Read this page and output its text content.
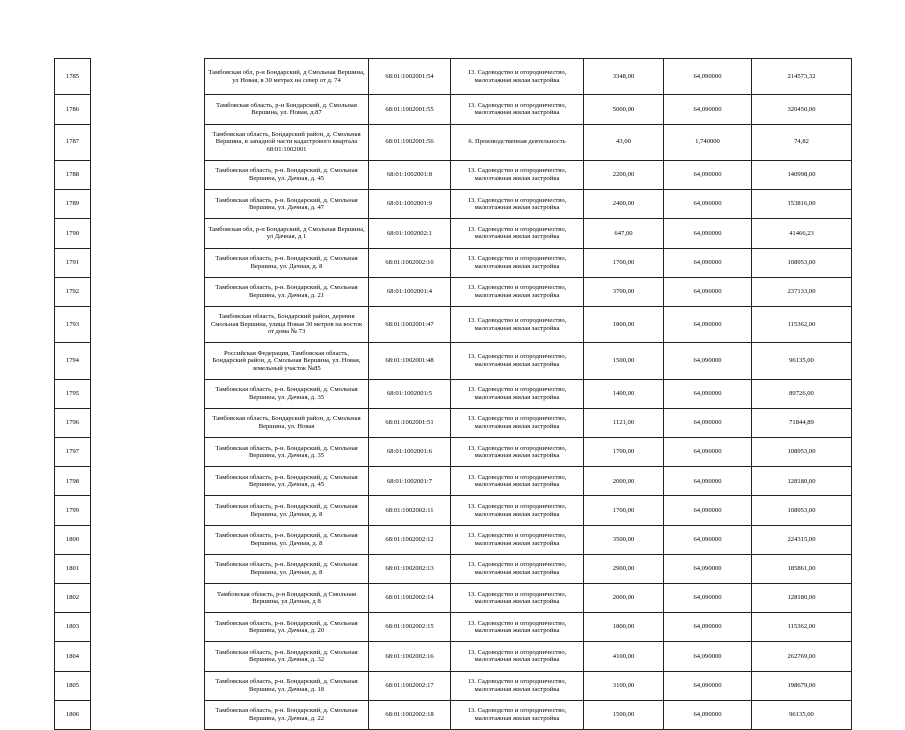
1785		Тамбовская обл, р-н Бондарский, д Смольная Вершина, ул Новая, в 30 метрах на север от д. 74	68:01:1002001:54	13. Садоводство и огородничество, малоэтажная жилая застройка	3348,00	64,090000	214573,32
1786		Тамбовская область, р-н Бондарский, д. Смольная Вершина, ул. Новая, д.87	68:01:1002001:55	13. Садоводство и огородничество, малоэтажная жилая застройка	5000,00	64,090000	320450,00
1787		Тамбовская область, Бондарский район, д. Смольная Вершина, в западной части кадастрового квартала 68:01:1002001	68:01:1002001:56	6. Производственная деятельность	43,00	1,740000	74,82
1788		Тамбовская область, р-н. Бондарский, д. Смольная Вершина, ул. Дачная, д. 45	68:01:1002001:8	13. Садоводство и огородничество, малоэтажная жилая застройка	2200,00	64,090000	140998,00
1789		Тамбовская область, р-н. Бондарский, д. Смольная Вершина, ул. Дачная, д. 47	68:01:1002001:9	13. Садоводство и огородничество, малоэтажная жилая застройка	2400,00	64,090000	153816,00
1790		Тамбовская обл, р-н Бондарский, д Смольная Вершина, ул Дачная, д 1	68:01:1002002:1	13. Садоводство и огородничество, малоэтажная жилая застройка	647,00	64,090000	41466,23
1791		Тамбовская область, р-н. Бондарский, д. Смольная Вершина, ул. Дачная, д. 8	68:01:1002002:10	13. Садоводство и огородничество, малоэтажная жилая застройка	1700,00	64,090000	108953,00
1792		Тамбовская область, р-н. Бондарский, д. Смольная Вершина, ул. Дачная, д. 21	68:01:1002001:4	13. Садоводство и огородничество, малоэтажная жилая застройка	3700,00	64,090000	237133,00
1793		Тамбовская область, Бондарский район, деревня Смольная Вершина, улица Новая 30 метров на восток от дома № 73	68:01:1002001:47	13. Садоводство и огородничество, малоэтажная жилая застройка	1800,00	64,090000	115362,00
1794		Российская Федерация, Тамбовская область, Бондарский район, д. Смольная Вершина, ул. Новая, земельный участок №85	68:01:1002001:48	13. Садоводство и огородничество, малоэтажная жилая застройка	1500,00	64,090000	96135,00
1795		Тамбовская область, р-н. Бондарский, д. Смольная Вершина, ул. Дачная, д. 35	68:01:1002001:5	13. Садоводство и огородничество, малоэтажная жилая застройка	1400,00	64,090000	89726,00
1796		Тамбовская область, Бондарский район, д. Смольная Вершина, ул. Новая	68:01:1002001:51	13. Садоводство и огородничество, малоэтажная жилая застройка	1121,00	64,090000	71844,89
1797		Тамбовская область, р-н. Бондарский, д. Смольная Вершина, ул. Дачная, д. 35	68:01:1002001:6	13. Садоводство и огородничество, малоэтажная жилая застройка	1700,00	64,090000	108953,00
1798		Тамбовская область, р-н. Бондарский, д. Смольная Вершина, ул. Дачная, д. 45	68:01:1002001:7	13. Садоводство и огородничество, малоэтажная жилая застройка	2000,00	64,090000	128180,00
1799		Тамбовская область, р-н. Бондарский, д. Смольная Вершина, ул. Дачная, д. 8	68:01:1002002:11	13. Садоводство и огородничество, малоэтажная жилая застройка	1700,00	64,090000	108953,00
1800		Тамбовская область, р-н. Бондарский, д. Смольная Вершина, ул. Дачная, д. 8	68:01:1002002:12	13. Садоводство и огородничество, малоэтажная жилая застройка	3500,00	64,090000	224315,00
1801		Тамбовская область, р-н. Бондарский, д. Смольная Вершина, ул. Дачная, д. 8	68:01:1002002:13	13. Садоводство и огородничество, малоэтажная жилая застройка	2900,00	64,090000	185861,00
1802		Тамбовская область, р-н Бондарский, д Смольная Вершина, ул Дачная, д 8	68:01:1002002:14	13. Садоводство и огородничество, малоэтажная жилая застройка	2000,00	64,090000	128180,00
1803		Тамбовская область, р-н. Бондарский, д. Смольная Вершина, ул. Дачная, д. 20	68:01:1002002:15	13. Садоводство и огородничество, малоэтажная жилая застройка	1800,00	64,090000	115362,00
1804		Тамбовская область, р-н. Бондарский, д. Смольная Вершина, ул. Дачная, д. 32	68:01:1002002:16	13. Садоводство и огородничество, малоэтажная жилая застройка	4100,00	64,090000	262769,00
1805		Тамбовская область, р-н. Бондарский, д. Смольная Вершина, ул. Дачная, д. 18	68:01:1002002:17	13. Садоводство и огородничество, малоэтажная жилая застройка	3100,00	64,090000	198679,00
1806		Тамбовская область, р-н. Бондарский, д. Смольная Вершина, ул. Дачная, д. 22	68:01:1002002:18	13. Садоводство и огородничество, малоэтажная жилая застройка	1500,00	64,090000	96135,00
